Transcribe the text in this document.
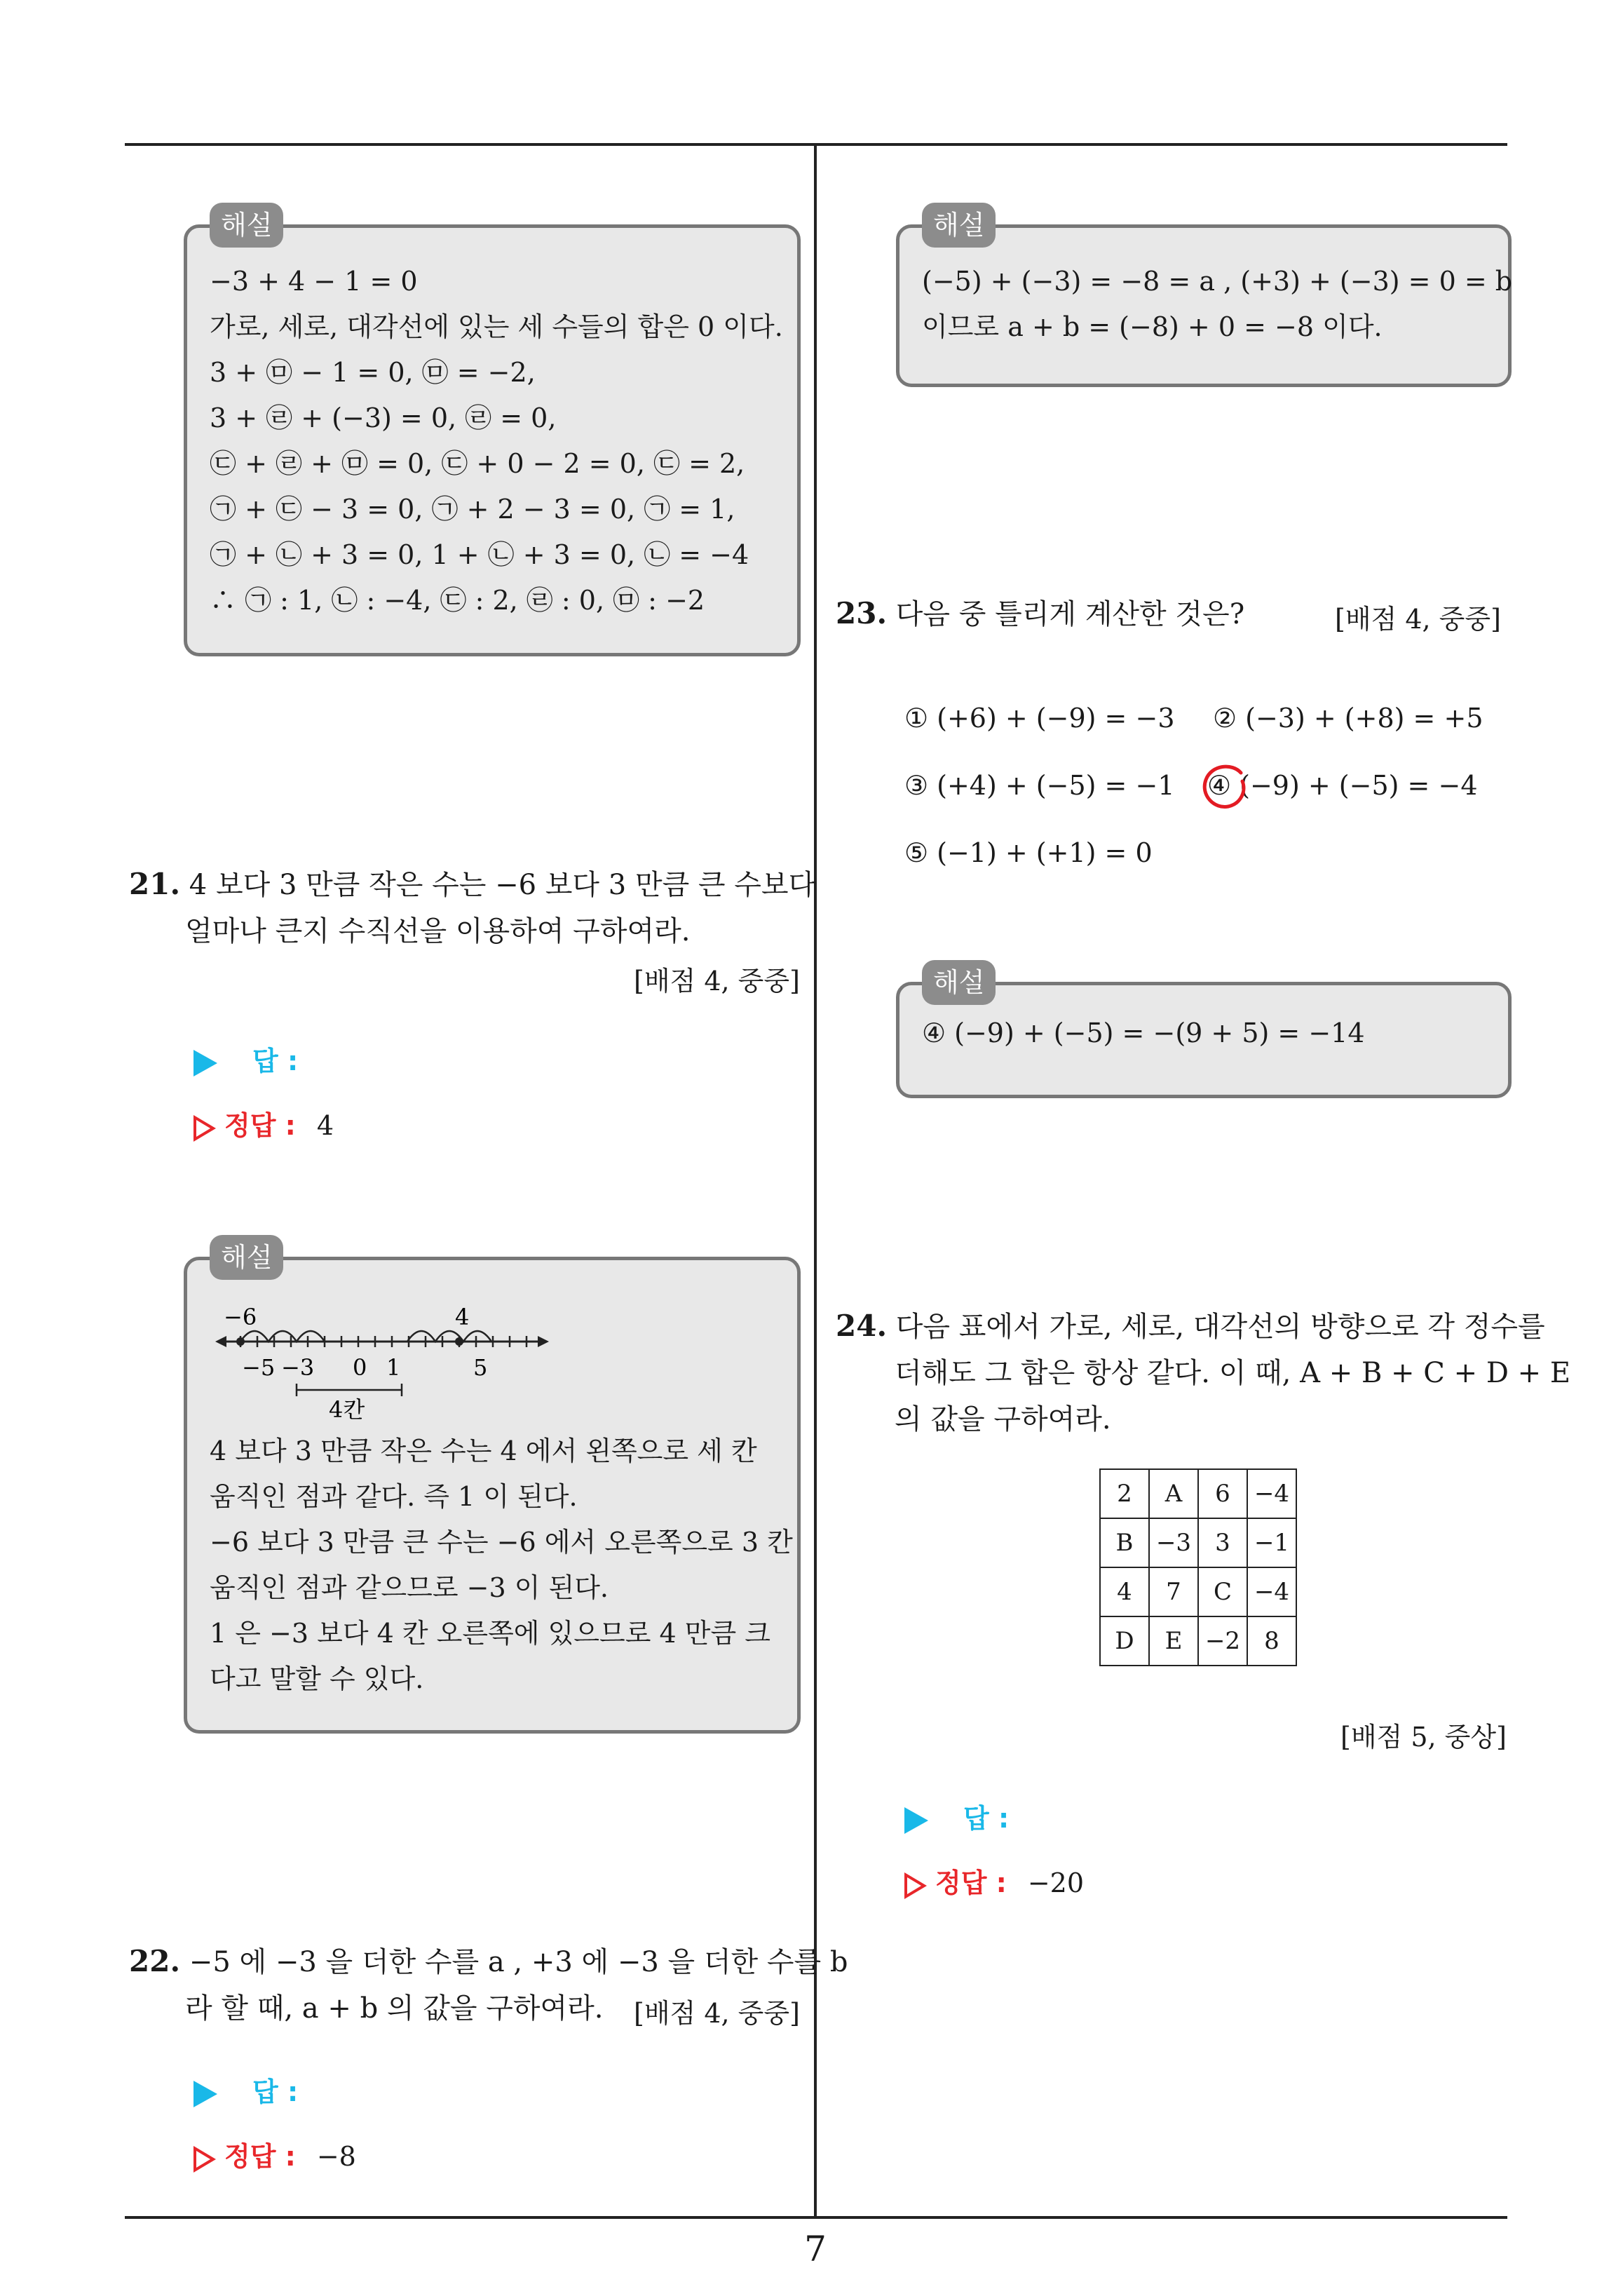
해설
−3 + 4 − 1 = 0
가로, 세로, 대각선에 있는 세 수들의 합은 0 이다.
3 + ㉤ − 1 = 0, ㉤ = −2,
3 + ㉣ + (−3) = 0, ㉣ = 0,
㉢ + ㉣ + ㉤ = 0, ㉢ + 0 − 2 = 0, ㉢ = 2,
㉠ + ㉢ − 3 = 0, ㉠ + 2 − 3 = 0, ㉠ = 1,
㉠ + ㉡ + 3 = 0, 1 + ㉡ + 3 = 0, ㉡ = −4
∴ ㉠ : 1, ㉡ : −4, ㉢ : 2, ㉣ : 0, ㉤ : −2
21. 4 보다 3 만큼 작은 수는 −6 보다 3 만큼 큰 수보다
얼마나 큰지 수직선을 이용하여 구하여라.
[배점 4, 중중]
답 :
정답 : 4
해설
−6	4
−5 −3 0 1	5
4칸
4 보다 3 만큼 작은 수는 4 에서 왼쪽으로 세 칸
움직인 점과 같다. 즉 1 이 된다.
−6 보다 3 만큼 큰 수는 −6 에서 오른쪽으로 3 칸
움직인 점과 같으므로 −3 이 된다.
1 은 −3 보다 4 칸 오른쪽에 있으므로 4 만큼 크
다고 말할 수 있다.
22. −5 에 −3 을 더한 수를 a , +3 에 −3 을 더한 수를 b
라 할 때, a + b 의 값을 구하여라.	[배점 4, 중중]
답 :
정답 : −8
해설
(−5) + (−3) = −8 = a , (+3) + (−3) = 0 = b
이므로 a + b = (−8) + 0 = −8 이다.
23. 다음 중 틀리게 계산한 것은?	[배점 4, 중중]
① (+6) + (−9) = −3 ② (−3) + (+8) = +5
③ (+4) + (−5) = −1 ④ (−9) + (−5) = −4
⑤ (−1) + (+1) = 0
해설
④ (−9) + (−5) = −(9 + 5) = −14
24. 다음 표에서 가로, 세로, 대각선의 방향으로 각 정수를
더해도 그 합은 항상 같다. 이 때, A + B + C + D + E
의 값을 구하여라.
2	A	6	−4
B	−3	3	−1
4	7	C	−4
D	E	−2	8
[배점 5, 중상]
답 :
정답 : −20
7
